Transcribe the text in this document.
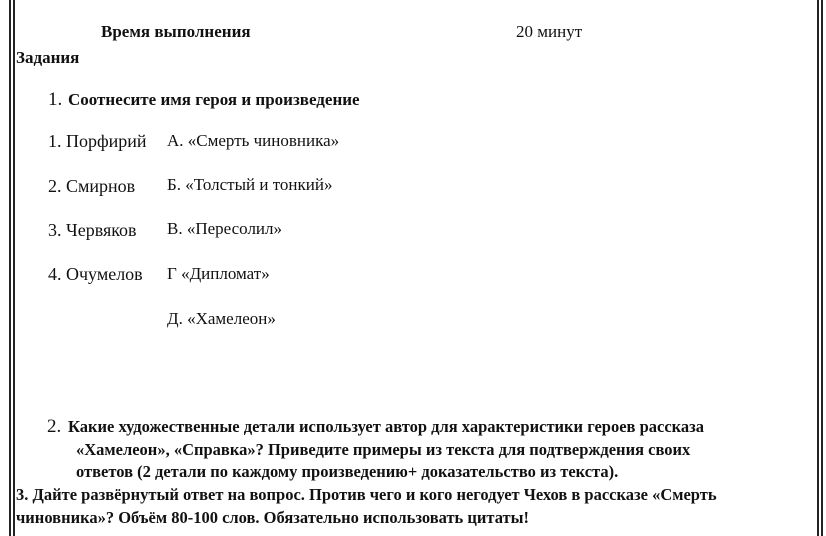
Время выполнения	20 минут
Задания
1. Соотнесите имя героя и произведение
1. Порфирий
2. Смирнов
3. Червяков
4. Очумелов
А. «Смерть чиновника»
Б. «Толстый и тонкий»
В. «Пересолил»
Г «Дипломат»
Д. «Хамелеон»
2. Какие художественные детали использует автор для характеристики героев рассказа
«Хамелеон», «Справка»? Приведите примеры из текста для подтверждения своих
ответов (2 детали по каждому произведению+ доказательство из текста).
3. Дайте развёрнутый ответ на вопрос. Против чего и кого негодует Чехов в рассказе «Смерть
чиновника»? Объём 80-100 слов. Обязательно использовать цитаты!
